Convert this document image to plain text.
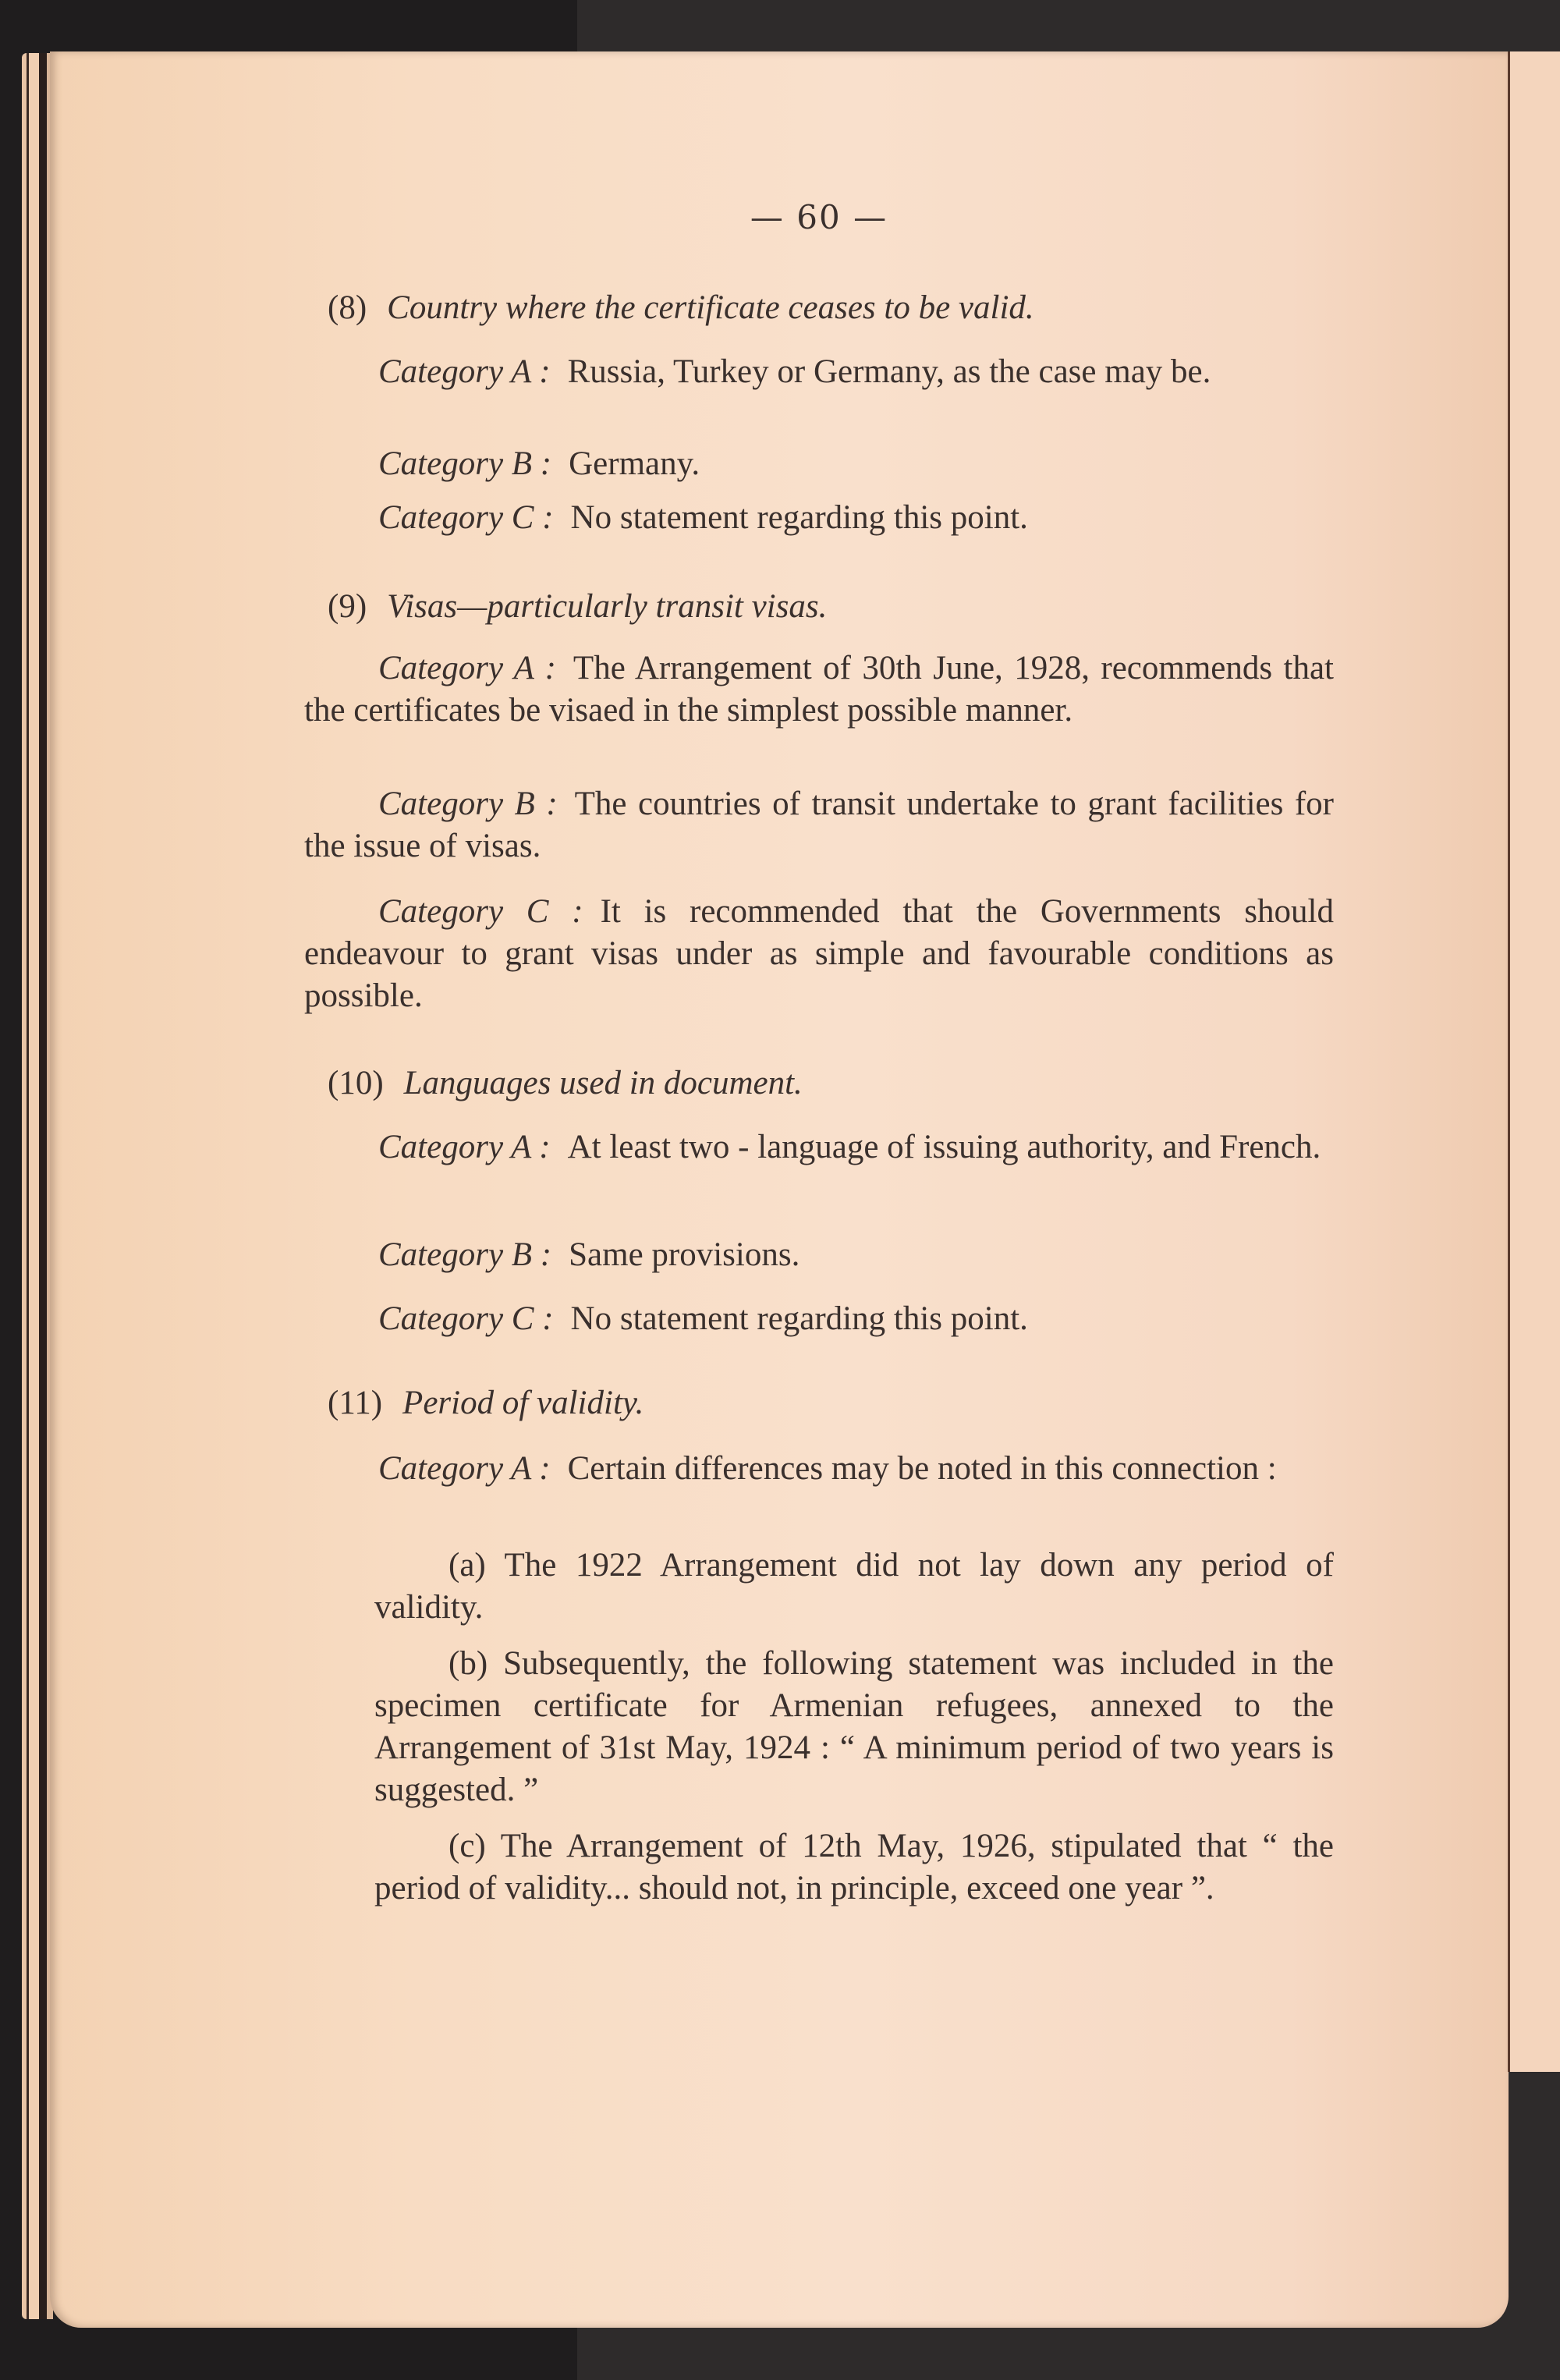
— 60 —
(8) Country where the certificate ceases to be valid.
Category A : Russia, Turkey or Germany, as the case may be.
Category B : Germany.
Category C : No statement regarding this point.
(9) Visas—particularly transit visas.
Category A : The Arrangement of 30th June, 1928, recommends that the certificates be visaed in the simplest possible manner.
Category B : The countries of transit undertake to grant facilities for the issue of visas.
Category C : It is recommended that the Governments should endeavour to grant visas under as simple and favourable conditions as possible.
(10) Languages used in document.
Category A : At least two - language of issuing authority, and French.
Category B : Same provisions.
Category C : No statement regarding this point.
(11) Period of validity.
Category A : Certain differences may be noted in this connection :
(a) The 1922 Arrangement did not lay down any period of validity.
(b) Subsequently, the following statement was included in the specimen certificate for Armenian refugees, annexed to the Arrangement of 31st May, 1924 : “ A minimum period of two years is suggested. ”
(c) The Arrangement of 12th May, 1926, stipulated that “ the period of validity... should not, in principle, exceed one year ”.
